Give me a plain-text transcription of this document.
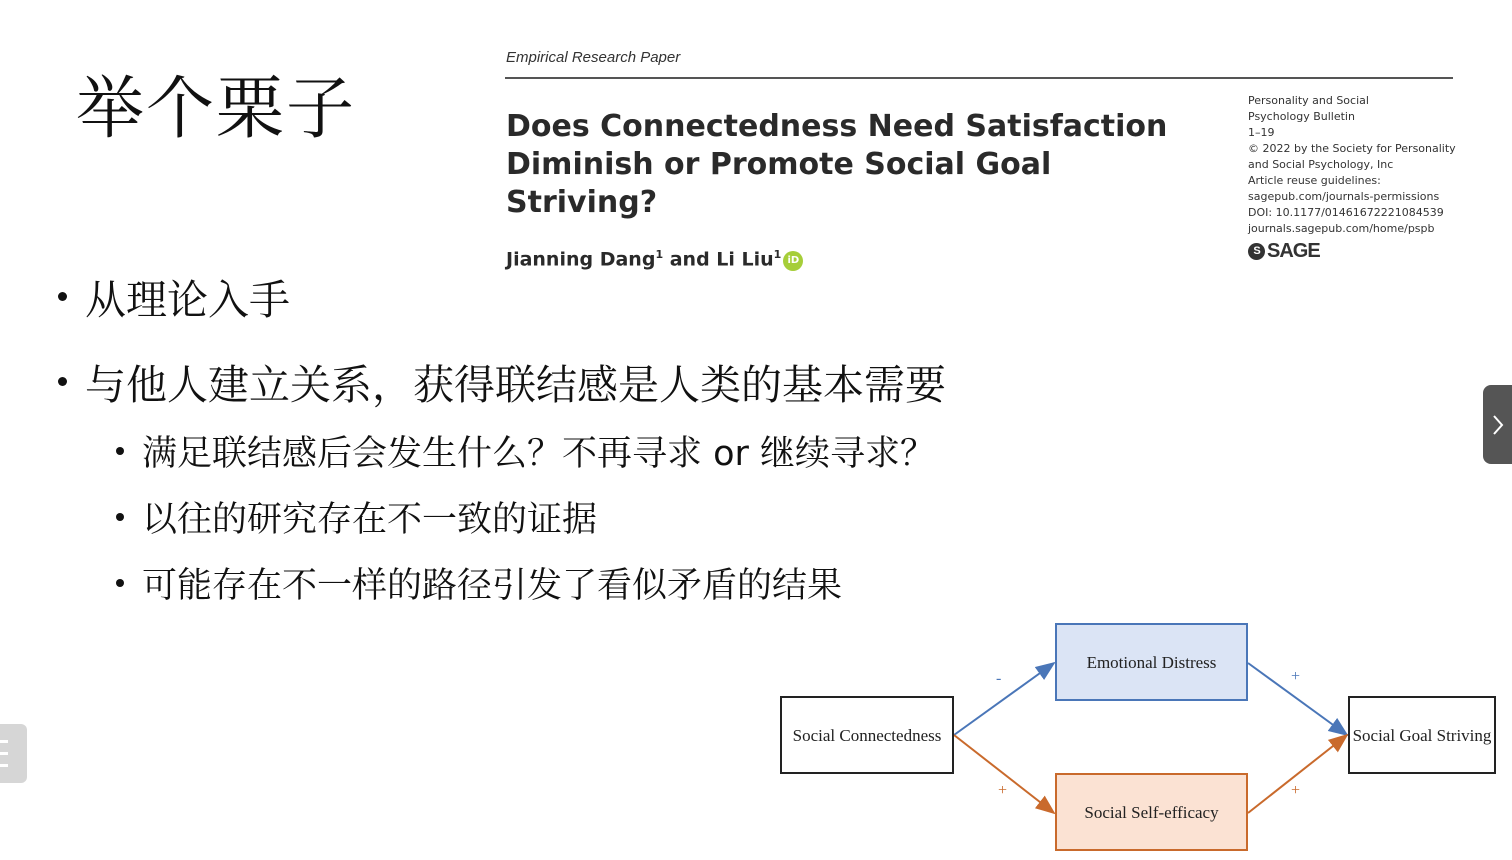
举个栗子
Empirical Research Paper
Does Connectedness Need Satisfaction
Diminish or Promote Social Goal Striving?
Jianning Dang$^1$ and Li Liu$^1$ iD
Personality and Social
Psychology Bulletin
1–19
© 2022 by the Society for Personality
and Social Psychology, Inc
Article reuse guidelines:
sagepub.com/journals-permissions
DOI: 10.1177/01461672221084539
journals.sagepub.com/home/pspb
S SAGE
从理论入手
与他人建立关系，获得联结感是人类的基本需要
满足联结感后会发生什么？不再寻求 or 继续寻求？
以往的研究存在不一致的证据
可能存在不一样的路径引发了看似矛盾的结果
Social Connectedness
Emotional Distress
Social Self-efficacy
Social Goal Striving
-	+
+	+
